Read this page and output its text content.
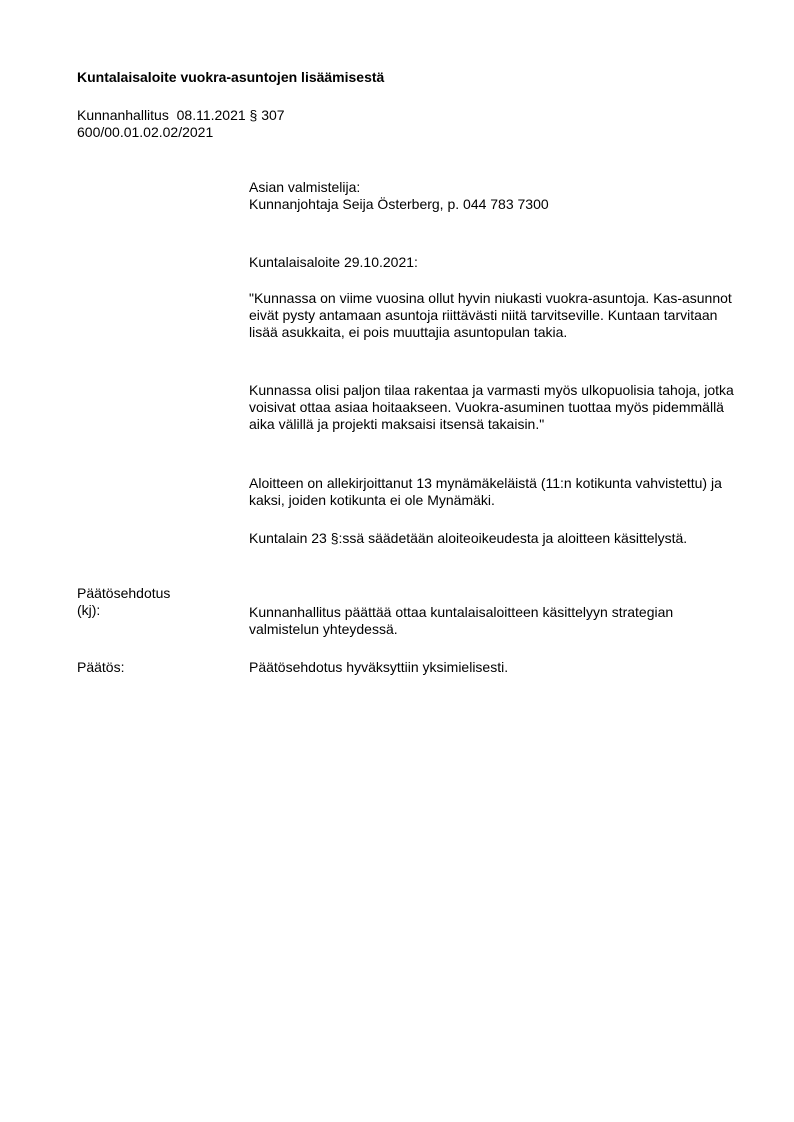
Kuntalaisaloite vuokra-asuntojen lisäämisestä
Kunnanhallitus  08.11.2021 § 307
600/00.01.02.02/2021

Asian valmistelija:

Kunnanjohtaja Seija Österberg, p. 044 783 7300

Kuntalaisaloite 29.10.2021:

"Kunnassa on viime vuosina ollut hyvin niukasti vuokra-asuntoja. Kas-asunnot eivät pysty antamaan asuntoja riittävästi niitä tarvitseville. Kuntaan tarvitaan lisää asukkaita, ei pois muuttajia asuntopulan takia.

Kunnassa olisi paljon tilaa rakentaa ja varmasti myös ulkopuolisia tahoja, jotka voisivat ottaa asiaa hoitaakseen. Vuokra-asuminen tuottaa myös pidemmällä aika välillä ja projekti maksaisi itsensä takaisin."

Aloitteen on allekirjoittanut 13 mynämäkeläistä (11:n kotikunta vahvistettu) ja kaksi, joiden kotikunta ei ole Mynämäki.

Kuntalain 23 §:ssä säädetään aloiteoikeudesta ja aloitteen käsittelystä.

Päätösehdotus
(kj):	Kunnanhallitus päättää ottaa kuntalaisaloitteen käsittelyyn strategian valmistelun yhteydessä.

Päätös:	Päätösehdotus hyväksyttiin yksimielisesti.
